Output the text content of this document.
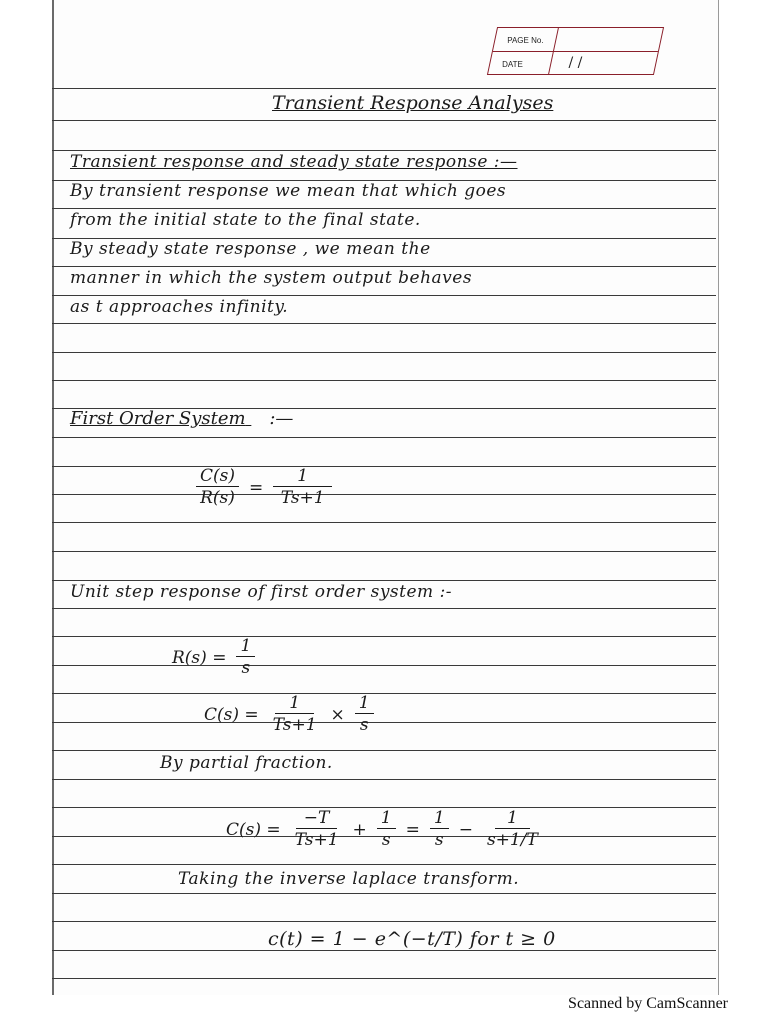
PAGE No.
DATE	/ /
Transient Response Analyses
Transient response and steady state response :—
By transient response we mean that which goes
from the initial state to the final state.
By steady state response , we mean the
manner in which the system output behaves
as t approaches infinity.
First Order System :—
$\frac{C(s)}{R(s)} = \frac{1}{Ts+1}$
Unit step response of first order system :-
$R(s) = \frac{1}{s}$
$C(s) = \frac{1}{Ts+1} \times \frac{1}{s}$
By partial fraction.
$C(s) = \frac{-T}{Ts+1} + \frac{1}{s} = \frac{1}{s} - \frac{1}{s+1/T}$
Taking the inverse laplace transform.
c(t) = 1 − e^(−t/T) for t ≥ 0
Scanned by CamScanner
